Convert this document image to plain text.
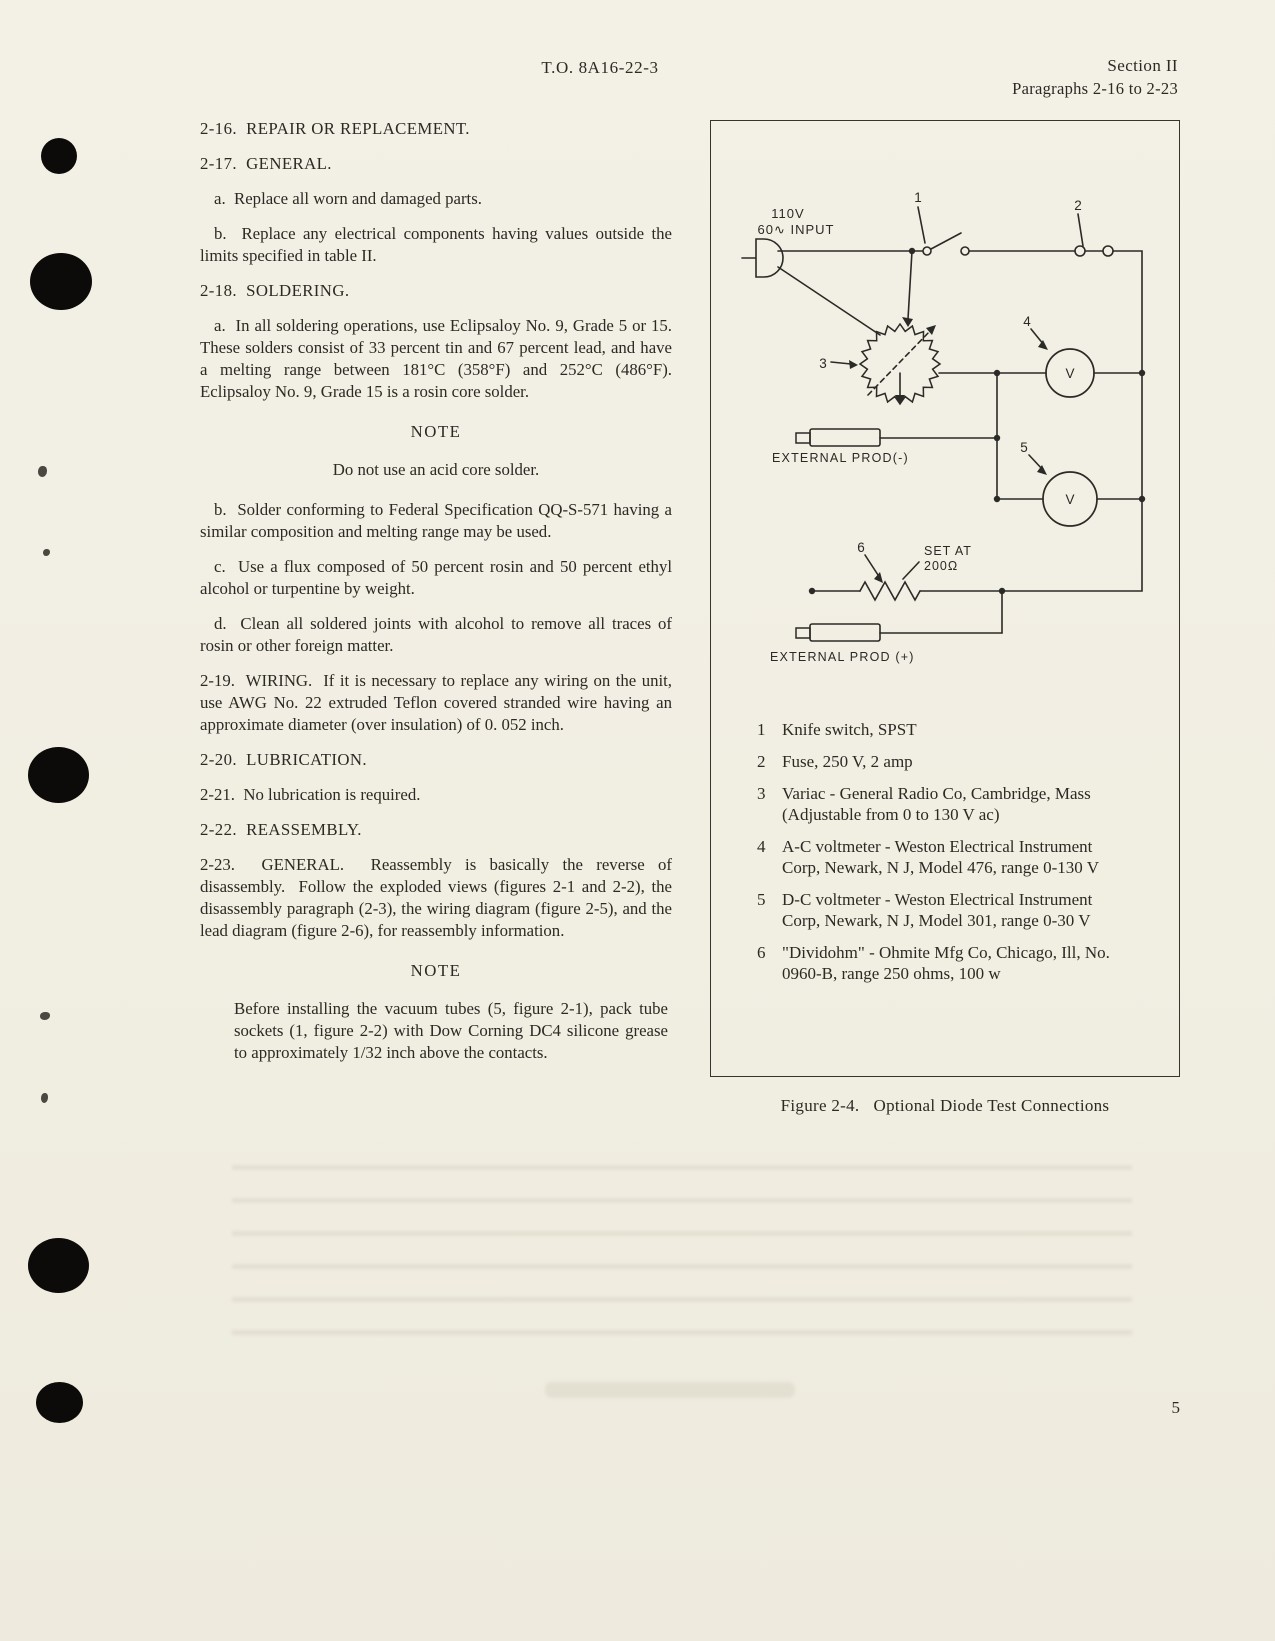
T.O. 8A16-22-3	Section II
Paragraphs 2-16 to 2-23

2-16.  REPAIR OR REPLACEMENT.

2-17.  GENERAL.

a.  Replace all worn and damaged parts.

b.  Replace any electrical components having values outside the limits specified in table II.

2-18.  SOLDERING.

a.  In all soldering operations, use Eclipsaloy No. 9, Grade 5 or 15.  These solders consist of 33 percent tin and 67 percent lead, and have a melting range between 181°C (358°F) and 252°C (486°F).  Eclipsaloy No. 9, Grade 15 is a rosin core solder.

NOTE

Do not use an acid core solder.

b.  Solder conforming to Federal Specification QQ-S-571 having a similar composition and melting range may be used.

c.  Use a flux composed of 50 percent rosin and 50 percent ethyl alcohol or turpentine by weight.

d.  Clean all soldered joints with alcohol to remove all traces of rosin or other foreign matter.

2-19.  WIRING.  If it is necessary to replace any wiring on the unit, use AWG No. 22 extruded Teflon covered stranded wire having an approximate diameter (over insulation) of 0. 052 inch.

2-20.  LUBRICATION.

2-21.  No lubrication is required.

2-22.  REASSEMBLY.

2-23.  GENERAL.  Reassembly is basically the reverse of disassembly.  Follow the exploded views (figures 2-1 and 2-2), the disassembly paragraph (2-3), the wiring diagram (figure 2-5), and the lead diagram (figure 2-6), for reassembly information.

NOTE

Before installing the vacuum tubes (5, figure 2-1), pack tube sockets (1, figure 2-2) with Dow Corning DC4 silicone grease to approximately 1/32 inch above the contacts.

110V
60∿ INPUT
EXTERNAL PROD(-)
EXTERNAL PROD (+)
SET AT
200Ω
V
V
1
2
3
4
5
6
1 Knife switch, SPST
2 Fuse, 250 V, 2 amp
3 Variac - General Radio Co, Cambridge, Mass (Adjustable from 0 to 130 V ac)
4 A-C voltmeter - Weston Electrical Instrument Corp, Newark, N J, Model 476, range 0-130 V
5 D-C voltmeter - Weston Electrical Instrument Corp, Newark, N J, Model 301, range 0-30 V
6 "Dividohm" - Ohmite Mfg Co, Chicago, Ill, No. 0960-B, range 250 ohms, 100 w
Figure 2-4. Optional Diode Test Connections
5
